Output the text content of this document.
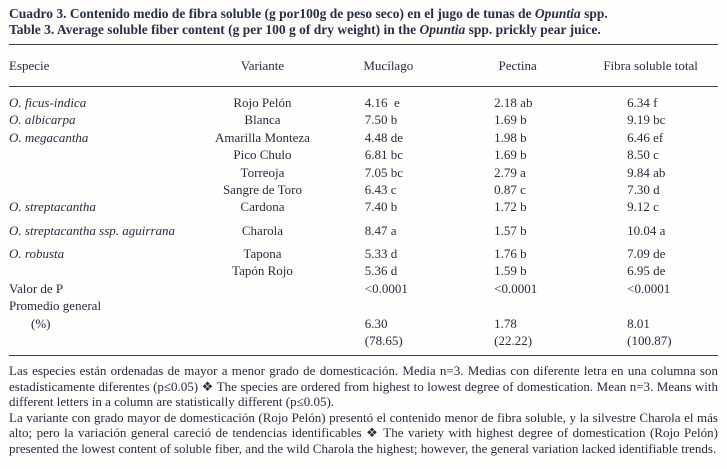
Cuadro 3. Contenido medio de fibra soluble (g por100g de peso seco) en el jugo de tunas de Opuntia spp.

Table 3. Average soluble fiber content (g per 100 g of dry weight) in the Opuntia spp. prickly pear juice.

Especie	Variante	Mucílago	Pectina	Fibra soluble total
O. ficus-indica	Rojo Pelón	4.16  e	2.18 ab	6.34 f
O. albicarpa	Blanca	7.50 b	1.69 b	9.19 bc
O. megacantha	Amarilla Monteza	4.48 de	1.98 b	6.46 ef
	Pico Chulo	6.81 bc	1.69 b	8.50 c
	Torreoja	7.05 bc	2.79 a	9.84 ab
	Sangre de Toro	6.43 c	0.87 c	7.30 d
O. streptacantha	Cardona	7.40 b	1.72 b	9.12 c

O. streptacantha ssp. aguirrana	Charola	8.47 a	1.57 b	10.04 a

O. robusta	Tapona	5.33 d	1.76 b	7.09 de
	Tapón Rojo	5.36 d	1.59 b	6.95 de
Valor de P		<0.0001	<0.0001	<0.0001
Promedio general				
(%)		6.30	1.78	8.01
		(78.65)	(22.22)	(100.87)

Las especies están ordenadas de mayor a menor grado de domesticación. Media n=3. Medias con diferente letra en una columna son estadísticamente diferentes (p≤0.05) ❖ The species are ordered from highest to lowest degree of domestication. Mean n=3. Means with different letters in a column are statistically different (p≤0.05).

La variante con grado mayor de domesticación (Rojo Pelón) presentó el contenido menor de fibra soluble, y la silvestre Charola el más alto; pero la variación general careció de tendencias identificables ❖ The variety with highest degree of domestication (Rojo Pelón) presented the lowest content of soluble fiber, and the wild Charola the highest; however, the general variation lacked identifiable trends.
